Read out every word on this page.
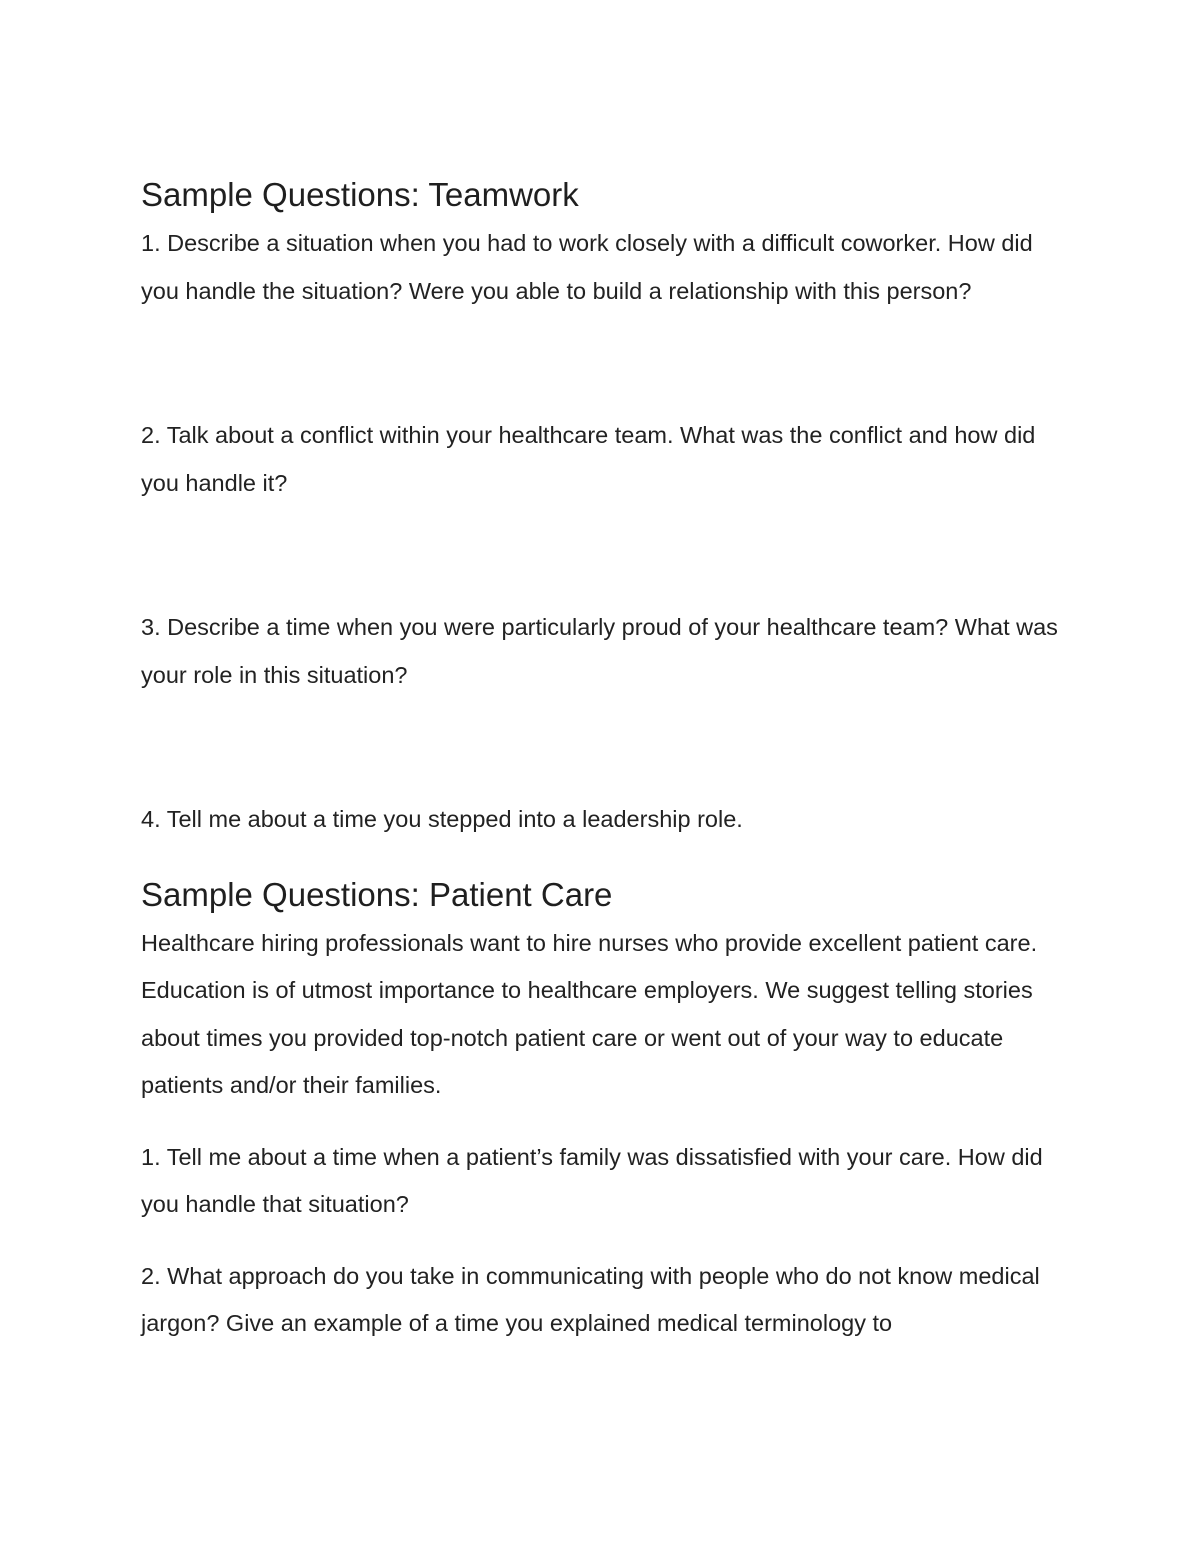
Sample Questions: Teamwork

1. Describe a situation when you had to work closely with a difficult coworker. How did you handle the situation? Were you able to build a relationship with this person?

2. Talk about a conflict within your healthcare team. What was the conflict and how did you handle it?

3. Describe a time when you were particularly proud of your healthcare team? What was your role in this situation?

4. Tell me about a time you stepped into a leadership role.

Sample Questions: Patient Care

Healthcare hiring professionals want to hire nurses who provide excellent patient care. Education is of utmost importance to healthcare employers. We suggest telling stories about times you provided top-notch patient care or went out of your way to educate patients and/or their families.

1. Tell me about a time when a patient’s family was dissatisfied with your care. How did you handle that situation?

2. What approach do you take in communicating with people who do not know medical jargon? Give an example of a time you explained medical terminology to
